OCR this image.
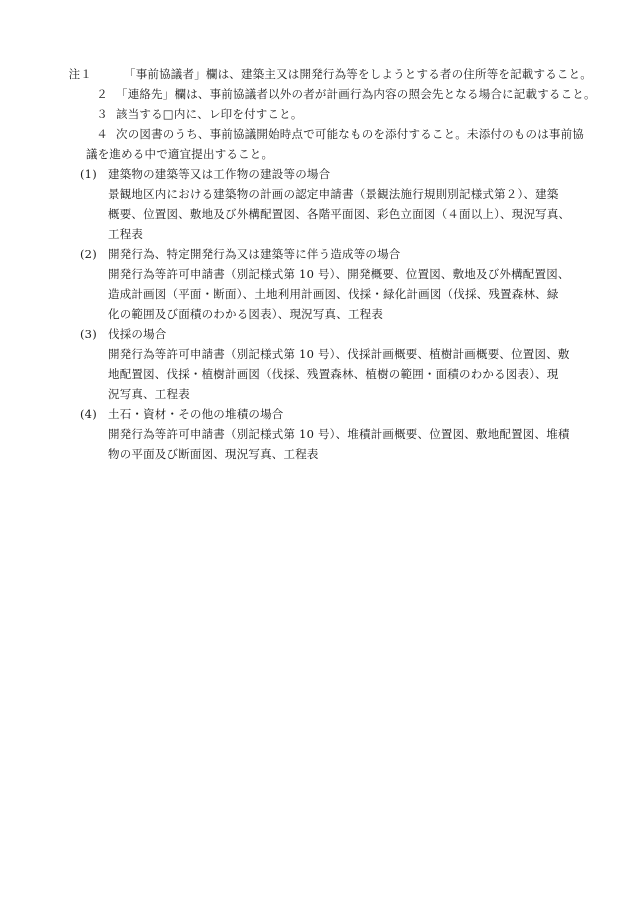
注１	「事前協議者」欄は、建築主又は開発行為等をしようとする者の住所等を記載すること。
２ 「連絡先」欄は、事前協議者以外の者が計画行為内容の照会先となる場合に記載すること。
３ 該当する□内に、レ印を付すこと。
４ 次の図書のうち、事前協議開始時点で可能なものを添付すること。未添付のものは事前協
議を進める中で適宜提出すること。
(1) 建築物の建築等又は工作物の建設等の場合
景観地区内における建築物の計画の認定申請書（景観法施行規則別記様式第２）、建築
概要、位置図、敷地及び外構配置図、各階平面図、彩色立面図（４面以上）、現況写真、
工程表
(2) 開発行為、特定開発行為又は建築等に伴う造成等の場合
開発行為等許可申請書（別記様式第 10 号）、開発概要、位置図、敷地及び外構配置図、
造成計画図（平面・断面）、土地利用計画図、伐採・緑化計画図（伐採、残置森林、緑
化の範囲及び面積のわかる図表）、現況写真、工程表
(3) 伐採の場合
開発行為等許可申請書（別記様式第 10 号）、伐採計画概要、植樹計画概要、位置図、敷
地配置図、伐採・植樹計画図（伐採、残置森林、植樹の範囲・面積のわかる図表）、現
況写真、工程表
(4) 土石・資材・その他の堆積の場合
開発行為等許可申請書（別記様式第 10 号）、堆積計画概要、位置図、敷地配置図、堆積
物の平面及び断面図、現況写真、工程表
